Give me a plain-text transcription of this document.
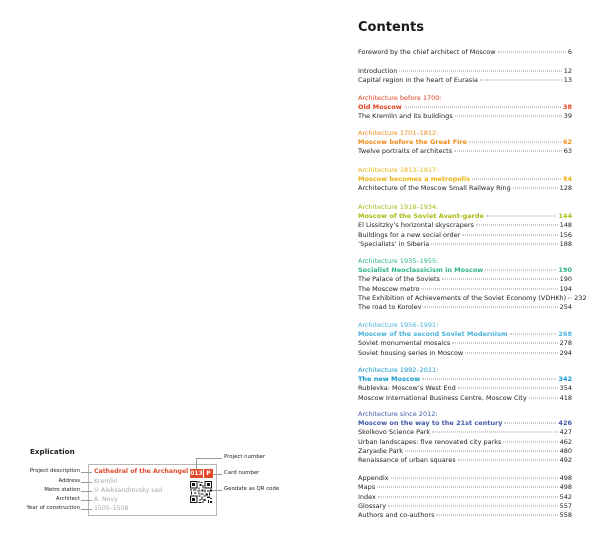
Explication
Cathedral of the Archangel
Kremlin
Ⓜ Aleksandrovsky sad
A. Novy
1505–1508
013 P
Project description
Address
Metro station
Architect
Year of construction
Project number
Card number
Geodate as QR code
Contents
Foreword by the chief architect of Moscow	6
Introduction	12
Capital region in the heart of Eurasia	13
Architecture before 1700:
Old Moscow	38
The Kremlin and its buildings	39
Architecture 1701–1812:
Moscow before the Great Fire	62
Twelve portraits of architects	63
Architecture 1813–1917:
Moscow becomes a metropolis	84
Architecture of the Moscow Small Railway Ring	128
Architecture 1918–1934:
Moscow of the Soviet Avant-garde	144
El Lissitzky’s horizontal skyscrapers	148
Buildings for a new social order	156
‘Specialists’ in Siberia	188
Architecture 1935–1955:
Socialist Neoclassicism in Moscow	190
The Palace of the Soviets	190
The Moscow metro	194
The Exhibition of Achievements of the Soviet Economy (VDHKh) 232
The road to Korolev	254
Architecture 1956–1991:
Moscow of the second Soviet Modernism	268
Soviet monumental mosaics	278
Soviet housing series in Moscow	294
Architecture 1992–2011:
The new Moscow	342
Rublevka: Moscow’s West End	354
Moscow International Business Centre, Moscow City	418
Architecture since 2012:
Moscow on the way to the 21st century	426
Skolkovo Science Park	427
Urban landscapes: five renovated city parks	462
Zaryadie Park	480
Renaissance of urban squares	492
Appendix	498
Maps	498
Index	542
Glossary	557
Authors and co-authors	558
